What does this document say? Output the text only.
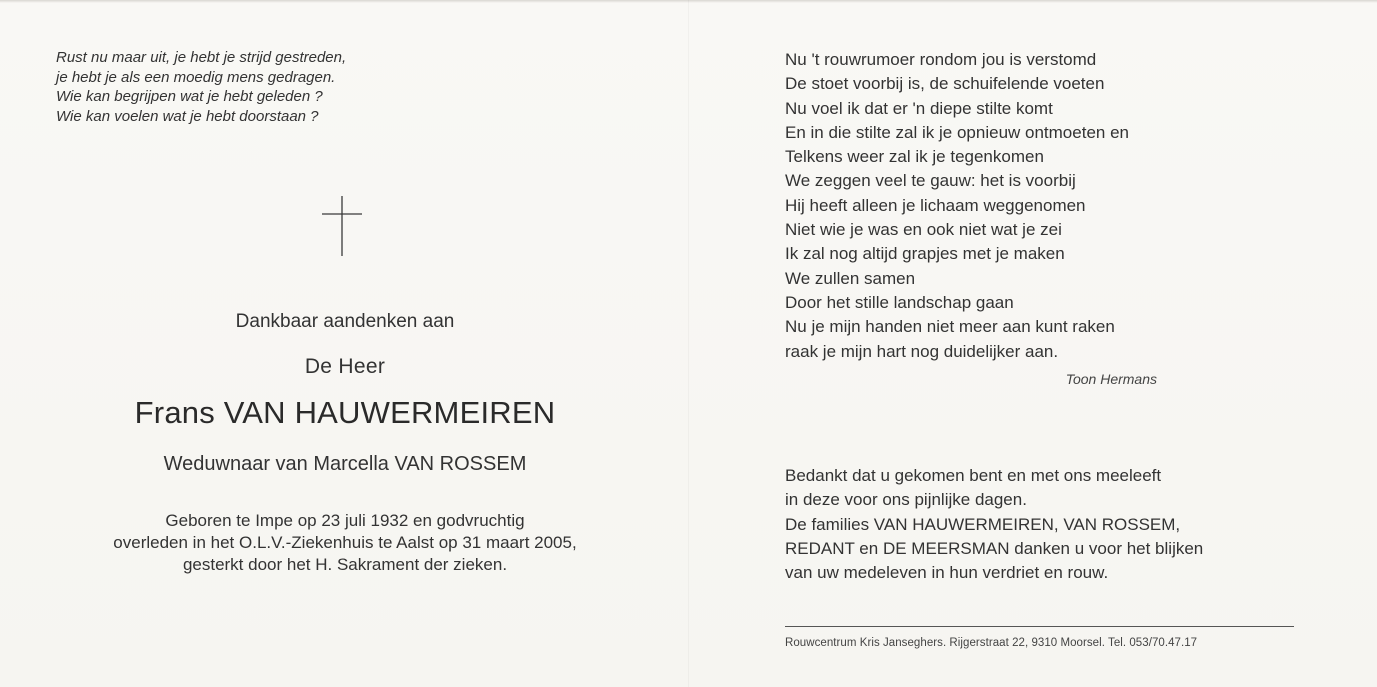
Rust nu maar uit, je hebt je strijd gestreden,
je hebt je als een moedig mens gedragen.
Wie kan begrijpen wat je hebt geleden ?
Wie kan voelen wat je hebt doorstaan ?
Dankbaar aandenken aan
De Heer
Frans VAN HAUWERMEIREN
Weduwnaar van Marcella VAN ROSSEM
Geboren te Impe op 23 juli 1932 en godvruchtig
overleden in het O.L.V.-Ziekenhuis te Aalst op 31 maart 2005,
gesterkt door het H. Sakrament der zieken.
Nu 't rouwrumoer rondom jou is verstomd
De stoet voorbij is, de schuifelende voeten
Nu voel ik dat er 'n diepe stilte komt
En in die stilte zal ik je opnieuw ontmoeten en
Telkens weer zal ik je tegenkomen
We zeggen veel te gauw: het is voorbij
Hij heeft alleen je lichaam weggenomen
Niet wie je was en ook niet wat je zei
Ik zal nog altijd grapjes met je maken
We zullen samen
Door het stille landschap gaan
Nu je mijn handen niet meer aan kunt raken
raak je mijn hart nog duidelijker aan.
Toon Hermans
Bedankt dat u gekomen bent en met ons meeleeft
in deze voor ons pijnlijke dagen.
De families VAN HAUWERMEIREN, VAN ROSSEM,
REDANT en DE MEERSMAN danken u voor het blijken
van uw medeleven in hun verdriet en rouw.
Rouwcentrum Kris Janseghers. Rijgerstraat 22, 9310 Moorsel. Tel. 053/70.47.17
